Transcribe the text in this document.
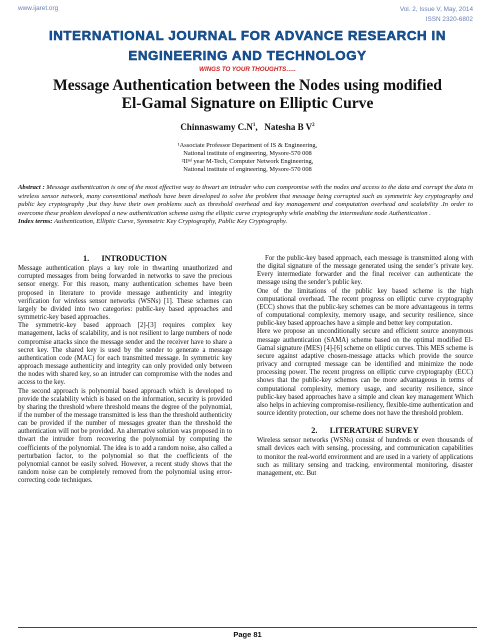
www.ijaret.org	Vol. 2, Issue V, May, 2014
ISSN 2320-6802
INTERNATIONAL JOURNAL FOR ADVANCE RESEARCH IN
ENGINEERING AND TECHNOLOGY
WINGS TO YOUR THOUGHTS…..
Message Authentication between the Nodes using modified
El-Gamal Signature on Elliptic Curve
Chinnaswamy $C.N^1$,   Natesha B $V^2$
¹Associate Professor Department of IS & Engineering,
National institute of engineering, Mysore-570 008
²IIⁿᵈ year M-Tech, Computer Network Engineering,
National institute of engineering, Mysore-570 008
Abstract : Message authentication is one of the most effective way to thwart an intruder who can compromise with the nodes and access to the data and corrupt the data in wireless sensor network, many conventional methods have been developed to solve the problem that message being corrupted such as symmetric key cryptography and public key cryptography ,but they have their own problems such as threshold overhead and key management and computation overhead and scalability .In order to overcome these problem developed a new authentication scheme using the elliptic curve cryptography while enabling the intermediate node Authentication .
Index terms: Authentication, Elliptic Curve, Symmetric Key Cryptography, Public Key Cryptography.
1.      INTRODUCTION

Message authentication plays a key role in thwarting unauthorized and corrupted messages from being forwarded in networks to save the precious sensor energy. For this reason, many authentication schemes have been proposed in literature to provide message authenticity and integrity verification for wireless sensor networks (WSNs) [1]. These schemes can largely be divided into two categories: public-key based approaches and symmetric-key based approaches.

The symmetric-key based approach [2]-[3] requires complex key management, lacks of scalability, and is not resilient to large numbers of node compromise attacks since the message sender and the receiver have to share a secret key. The shared key is used by the sender to generate a message authentication code (MAC) for each transmitted message. In symmetric key approach message authenticity and integrity can only provided only between the nodes with shared key, so an intruder can compromise with the nodes and access to the key.

The second approach is polynomial based approach which is developed to provide the scalability which is based on the information, security is provided by sharing the threshold where threshold means the degree of the polynomial, if the number of the message transmitted is less than the threshold authenticity can be provided if the number of messages greater than the threshold the authentication will not be provided. An alternative solution was proposed in to thwart the intruder from recovering the polynomial by computing the coefficients of the polynomial. The idea is to add a random noise, also called a perturbation factor, to the polynomial so that the coefficients of the polynomial cannot be easily solved. However, a recent study shows that the random noise can be completely removed from the polynomial using error-correcting code techniques.

For the public-key based approach, each message is transmitted along with the digital signature of the message generated using the sender’s private key. Every intermediate forwarder and the final receiver can authenticate the message using the sender’s public key.

One of the limitations of the public key based scheme is the high computational overhead. The recent progress on elliptic curve cryptography (ECC) shows that the public-key schemes can be more advantageous in terms of computational complexity, memory usage, and security resilience, since public-key based approaches have a simple and better key computation.

Here we propose an unconditionally secure and efficient source anonymous message authentication (SAMA) scheme based on the optimal modified El-Gamal signature (MES) [4]-[6] scheme on elliptic curves. This MES scheme is secure against adaptive chosen-message attacks which provide the source privacy and corrupted message can be identified and minimize the node processing power. The recent progress on elliptic curve cryptography (ECC) shows that the public-key schemes can be more advantageous in terms of computational complexity, memory usage, and security resilience, since public-key based approaches have a simple and clean key management Which also helps in achieving compromise-resiliency, flexible-time authentication and source identity protection, our scheme does not have the threshold problem.

2.      LITERATURE SURVEY

Wireless sensor networks (WSNs) consist of hundreds or even thousands of small devices each with sensing, processing, and communication capabilities to monitor the real-world environment and are used in a variety of applications such as military sensing and tracking, environmental monitoring, disaster management, etc. But

Page 81
